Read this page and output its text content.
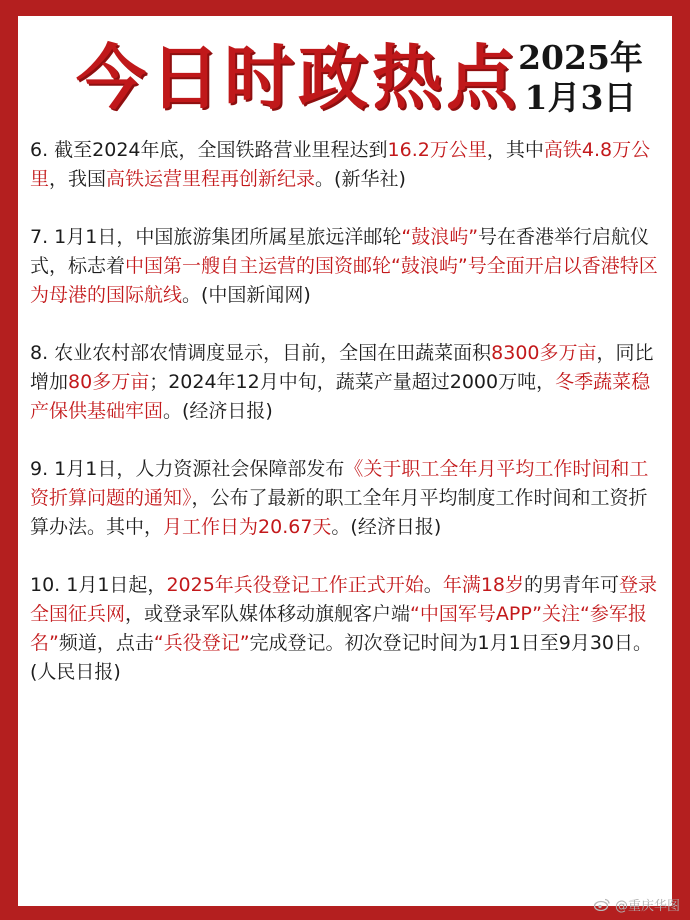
今日时政热点
2025年
1月3日

6. 截至2024年底，全国铁路营业里程达到16.2万公里，其中高铁4.8万公里，我国高铁运营里程再创新纪录。(新华社)

7. 1月1日，中国旅游集团所属星旅远洋邮轮“鼓浪屿”号在香港举行启航仪式，标志着中国第一艘自主运营的国资邮轮“鼓浪屿”号全面开启以香港特区为母港的国际航线。(中国新闻网)

8. 农业农村部农情调度显示，目前，全国在田蔬菜面积8300多万亩，同比增加80多万亩；2024年12月中旬，蔬菜产量超过2000万吨，冬季蔬菜稳产保供基础牢固。(经济日报)

9. 1月1日，人力资源社会保障部发布《关于职工全年月平均工作时间和工资折算问题的通知》，公布了最新的职工全年月平均制度工作时间和工资折算办法。其中，月工作日为20.67天。(经济日报)

10. 1月1日起，2025年兵役登记工作正式开始。年满18岁的男青年可登录全国征兵网，或登录军队媒体移动旗舰客户端“中国军号APP”关注“参军报名”频道，点击“兵役登记”完成登记。初次登记时间为1月1日至9月30日。(人民日报)

@重庆华图
